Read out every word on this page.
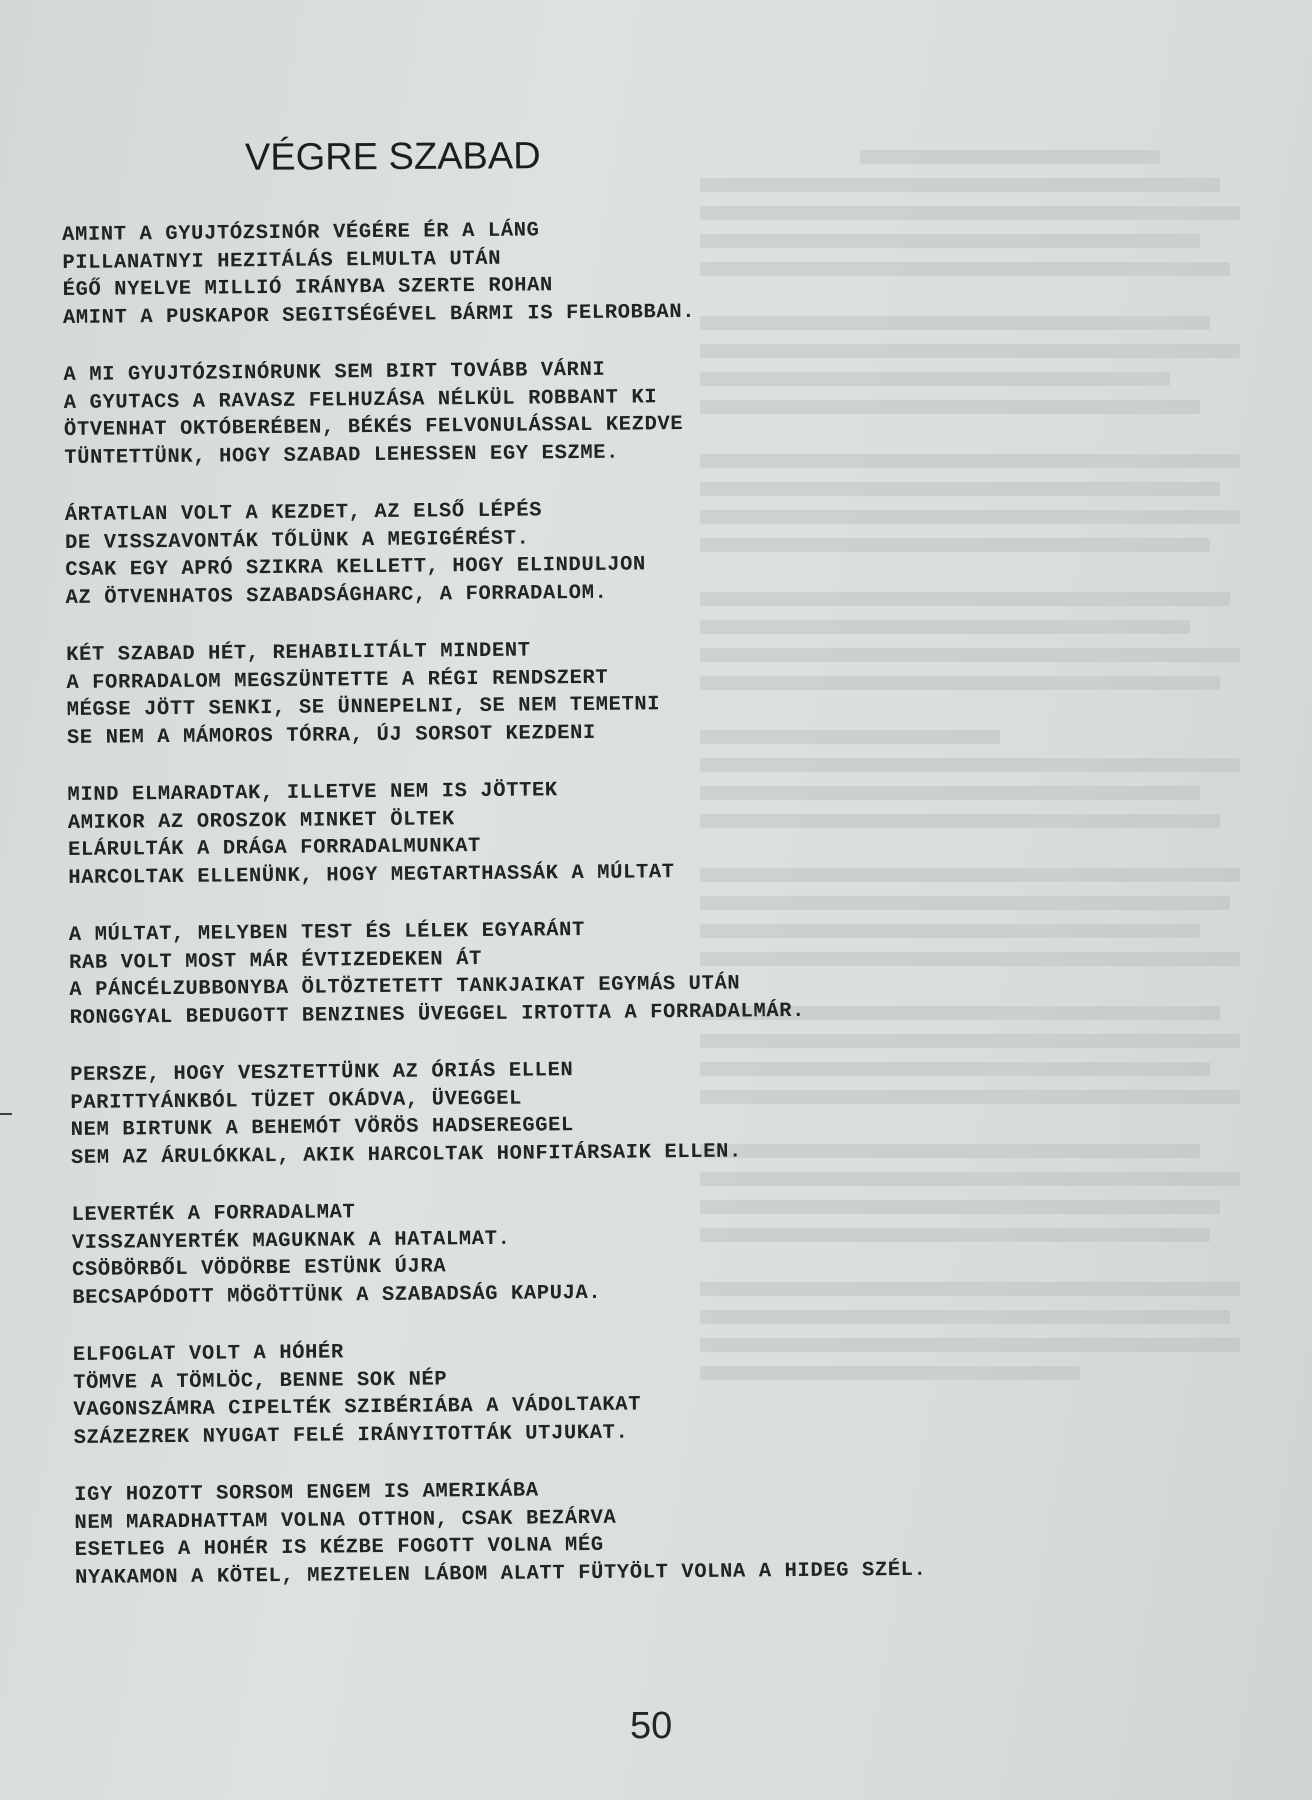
VÉGRE SZABAD
AMINT A GYUJTÓZSINÓR VÉGÉRE ÉR A LÁNG
PILLANATNYI HEZITÁLÁS ELMULTA UTÁN
ÉGŐ NYELVE MILLIÓ IRÁNYBA SZERTE ROHAN
AMINT A PUSKAPOR SEGITSÉGÉVEL BÁRMI IS FELROBBAN.
A MI GYUJTÓZSINÓRUNK SEM BIRT TOVÁBB VÁRNI
A GYUTACS A RAVASZ FELHUZÁSA NÉLKÜL ROBBANT KI
ÖTVENHAT OKTÓBERÉBEN, BÉKÉS FELVONULÁSSAL KEZDVE
TÜNTETTÜNK, HOGY SZABAD LEHESSEN EGY ESZME.
ÁRTATLAN VOLT A KEZDET, AZ ELSŐ LÉPÉS
DE VISSZAVONTÁK TŐLÜNK A MEGIGÉRÉST.
CSAK EGY APRÓ SZIKRA KELLETT, HOGY ELINDULJON
AZ ÖTVENHATOS SZABADSÁGHARC, A FORRADALOM.
KÉT SZABAD HÉT, REHABILITÁLT MINDENT
A FORRADALOM MEGSZÜNTETTE A RÉGI RENDSZERT
MÉGSE JÖTT SENKI, SE ÜNNEPELNI, SE NEM TEMETNI
SE NEM A MÁMOROS TÓRRA, ÚJ SORSOT KEZDENI
MIND ELMARADTAK, ILLETVE NEM IS JÖTTEK
AMIKOR AZ OROSZOK MINKET ÖLTEK
ELÁRULTÁK A DRÁGA FORRADALMUNKAT
HARCOLTAK ELLENÜNK, HOGY MEGTARTHASSÁK A MÚLTAT
A MÚLTAT, MELYBEN TEST ÉS LÉLEK EGYARÁNT
RAB VOLT MOST MÁR ÉVTIZEDEKEN ÁT
A PÁNCÉLZUBBONYBA ÖLTÖZTETETT TANKJAIKAT EGYMÁS UTÁN
RONGGYAL BEDUGOTT BENZINES ÜVEGGEL IRTOTTA A FORRADALMÁR.
PERSZE, HOGY VESZTETTÜNK AZ ÓRIÁS ELLEN
PARITTYÁNKBÓL TÜZET OKÁDVA, ÜVEGGEL
NEM BIRTUNK A BEHEMÓT VÖRÖS HADSEREGGEL
SEM AZ ÁRULÓKKAL, AKIK HARCOLTAK HONFITÁRSAIK ELLEN.
LEVERTÉK A FORRADALMAT
VISSZANYERTÉK MAGUKNAK A HATALMAT.
CSÖBÖRBŐL VÖDÖRBE ESTÜNK ÚJRA
BECSAPÓDOTT MÖGÖTTÜNK A SZABADSÁG KAPUJA.
ELFOGLAT VOLT A HÓHÉR
TÖMVE A TÖMLÖC, BENNE SOK NÉP
VAGONSZÁMRA CIPELTÉK SZIBÉRIÁBA A VÁDOLTAKAT
SZÁZEZREK NYUGAT FELÉ IRÁNYITOTTÁK UTJUKAT.
IGY HOZOTT SORSOM ENGEM IS AMERIKÁBA
NEM MARADHATTAM VOLNA OTTHON, CSAK BEZÁRVA
ESETLEG A HOHÉR IS KÉZBE FOGOTT VOLNA MÉG
NYAKAMON A KÖTEL, MEZTELEN LÁBOM ALATT FÜTYÖLT VOLNA A HIDEG SZÉL.
50
